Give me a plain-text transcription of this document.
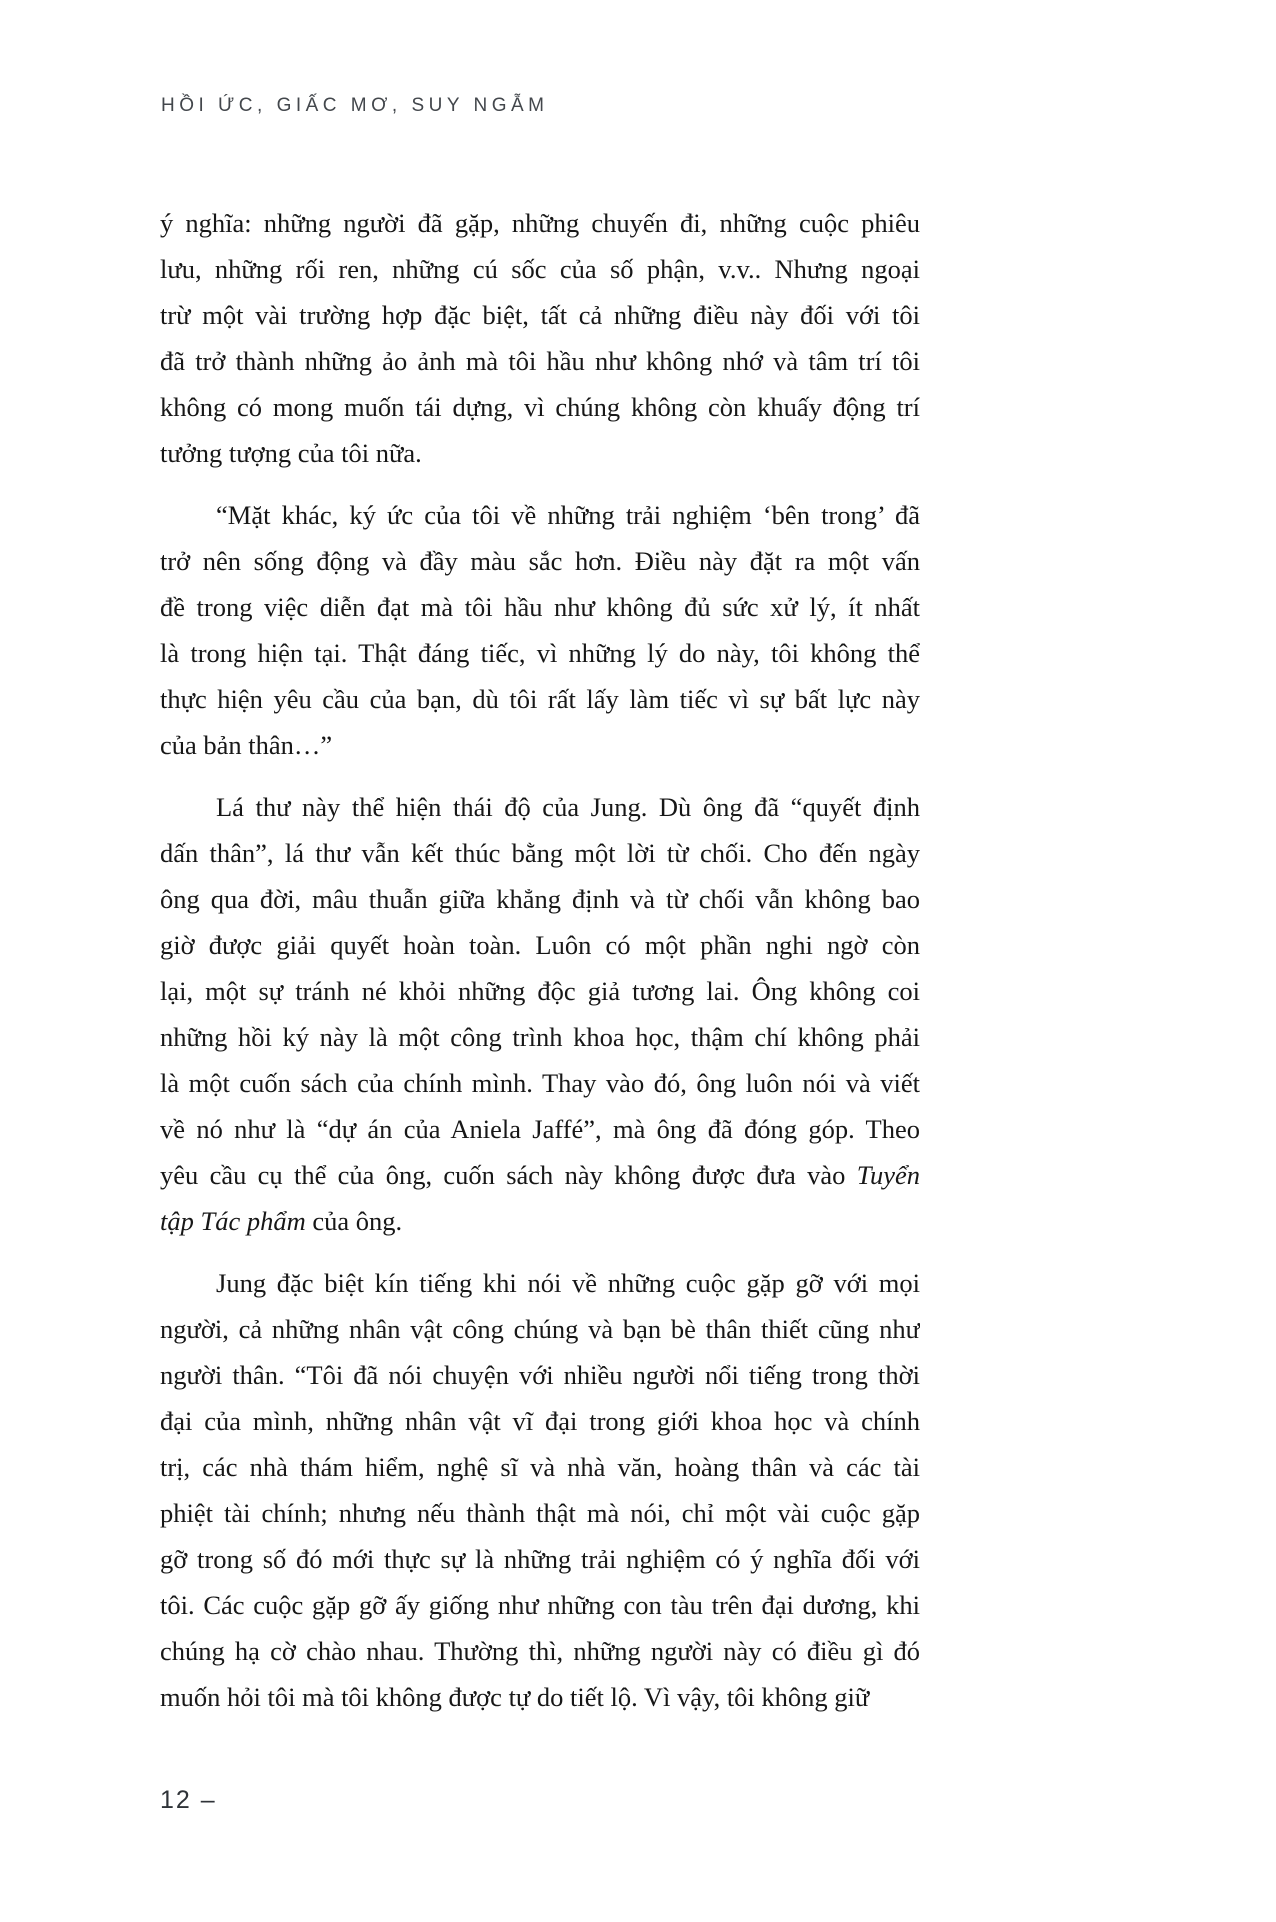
HỒI ỨC, GIẤC MƠ, SUY NGẪM
ý nghĩa: những người đã gặp, những chuyến đi, những cuộc phiêu
lưu, những rối ren, những cú sốc của số phận, v.v.. Nhưng ngoại
trừ một vài trường hợp đặc biệt, tất cả những điều này đối với tôi
đã trở thành những ảo ảnh mà tôi hầu như không nhớ và tâm trí tôi
không có mong muốn tái dựng, vì chúng không còn khuấy động trí
tưởng tượng của tôi nữa.
“Mặt khác, ký ức của tôi về những trải nghiệm ‘bên trong’ đã
trở nên sống động và đầy màu sắc hơn. Điều này đặt ra một vấn
đề trong việc diễn đạt mà tôi hầu như không đủ sức xử lý, ít nhất
là trong hiện tại. Thật đáng tiếc, vì những lý do này, tôi không thể
thực hiện yêu cầu của bạn, dù tôi rất lấy làm tiếc vì sự bất lực này
của bản thân…”
Lá thư này thể hiện thái độ của Jung. Dù ông đã “quyết định
dấn thân”, lá thư vẫn kết thúc bằng một lời từ chối. Cho đến ngày
ông qua đời, mâu thuẫn giữa khẳng định và từ chối vẫn không bao
giờ được giải quyết hoàn toàn. Luôn có một phần nghi ngờ còn
lại, một sự tránh né khỏi những độc giả tương lai. Ông không coi
những hồi ký này là một công trình khoa học, thậm chí không phải
là một cuốn sách của chính mình. Thay vào đó, ông luôn nói và viết
về nó như là “dự án của Aniela Jaffé”, mà ông đã đóng góp. Theo
yêu cầu cụ thể của ông, cuốn sách này không được đưa vào Tuyển
tập Tác phẩm của ông.
Jung đặc biệt kín tiếng khi nói về những cuộc gặp gỡ với mọi
người, cả những nhân vật công chúng và bạn bè thân thiết cũng như
người thân. “Tôi đã nói chuyện với nhiều người nổi tiếng trong thời
đại của mình, những nhân vật vĩ đại trong giới khoa học và chính
trị, các nhà thám hiểm, nghệ sĩ và nhà văn, hoàng thân và các tài
phiệt tài chính; nhưng nếu thành thật mà nói, chỉ một vài cuộc gặp
gỡ trong số đó mới thực sự là những trải nghiệm có ý nghĩa đối với
tôi. Các cuộc gặp gỡ ấy giống như những con tàu trên đại dương, khi
chúng hạ cờ chào nhau. Thường thì, những người này có điều gì đó
muốn hỏi tôi mà tôi không được tự do tiết lộ. Vì vậy, tôi không giữ
12 –
